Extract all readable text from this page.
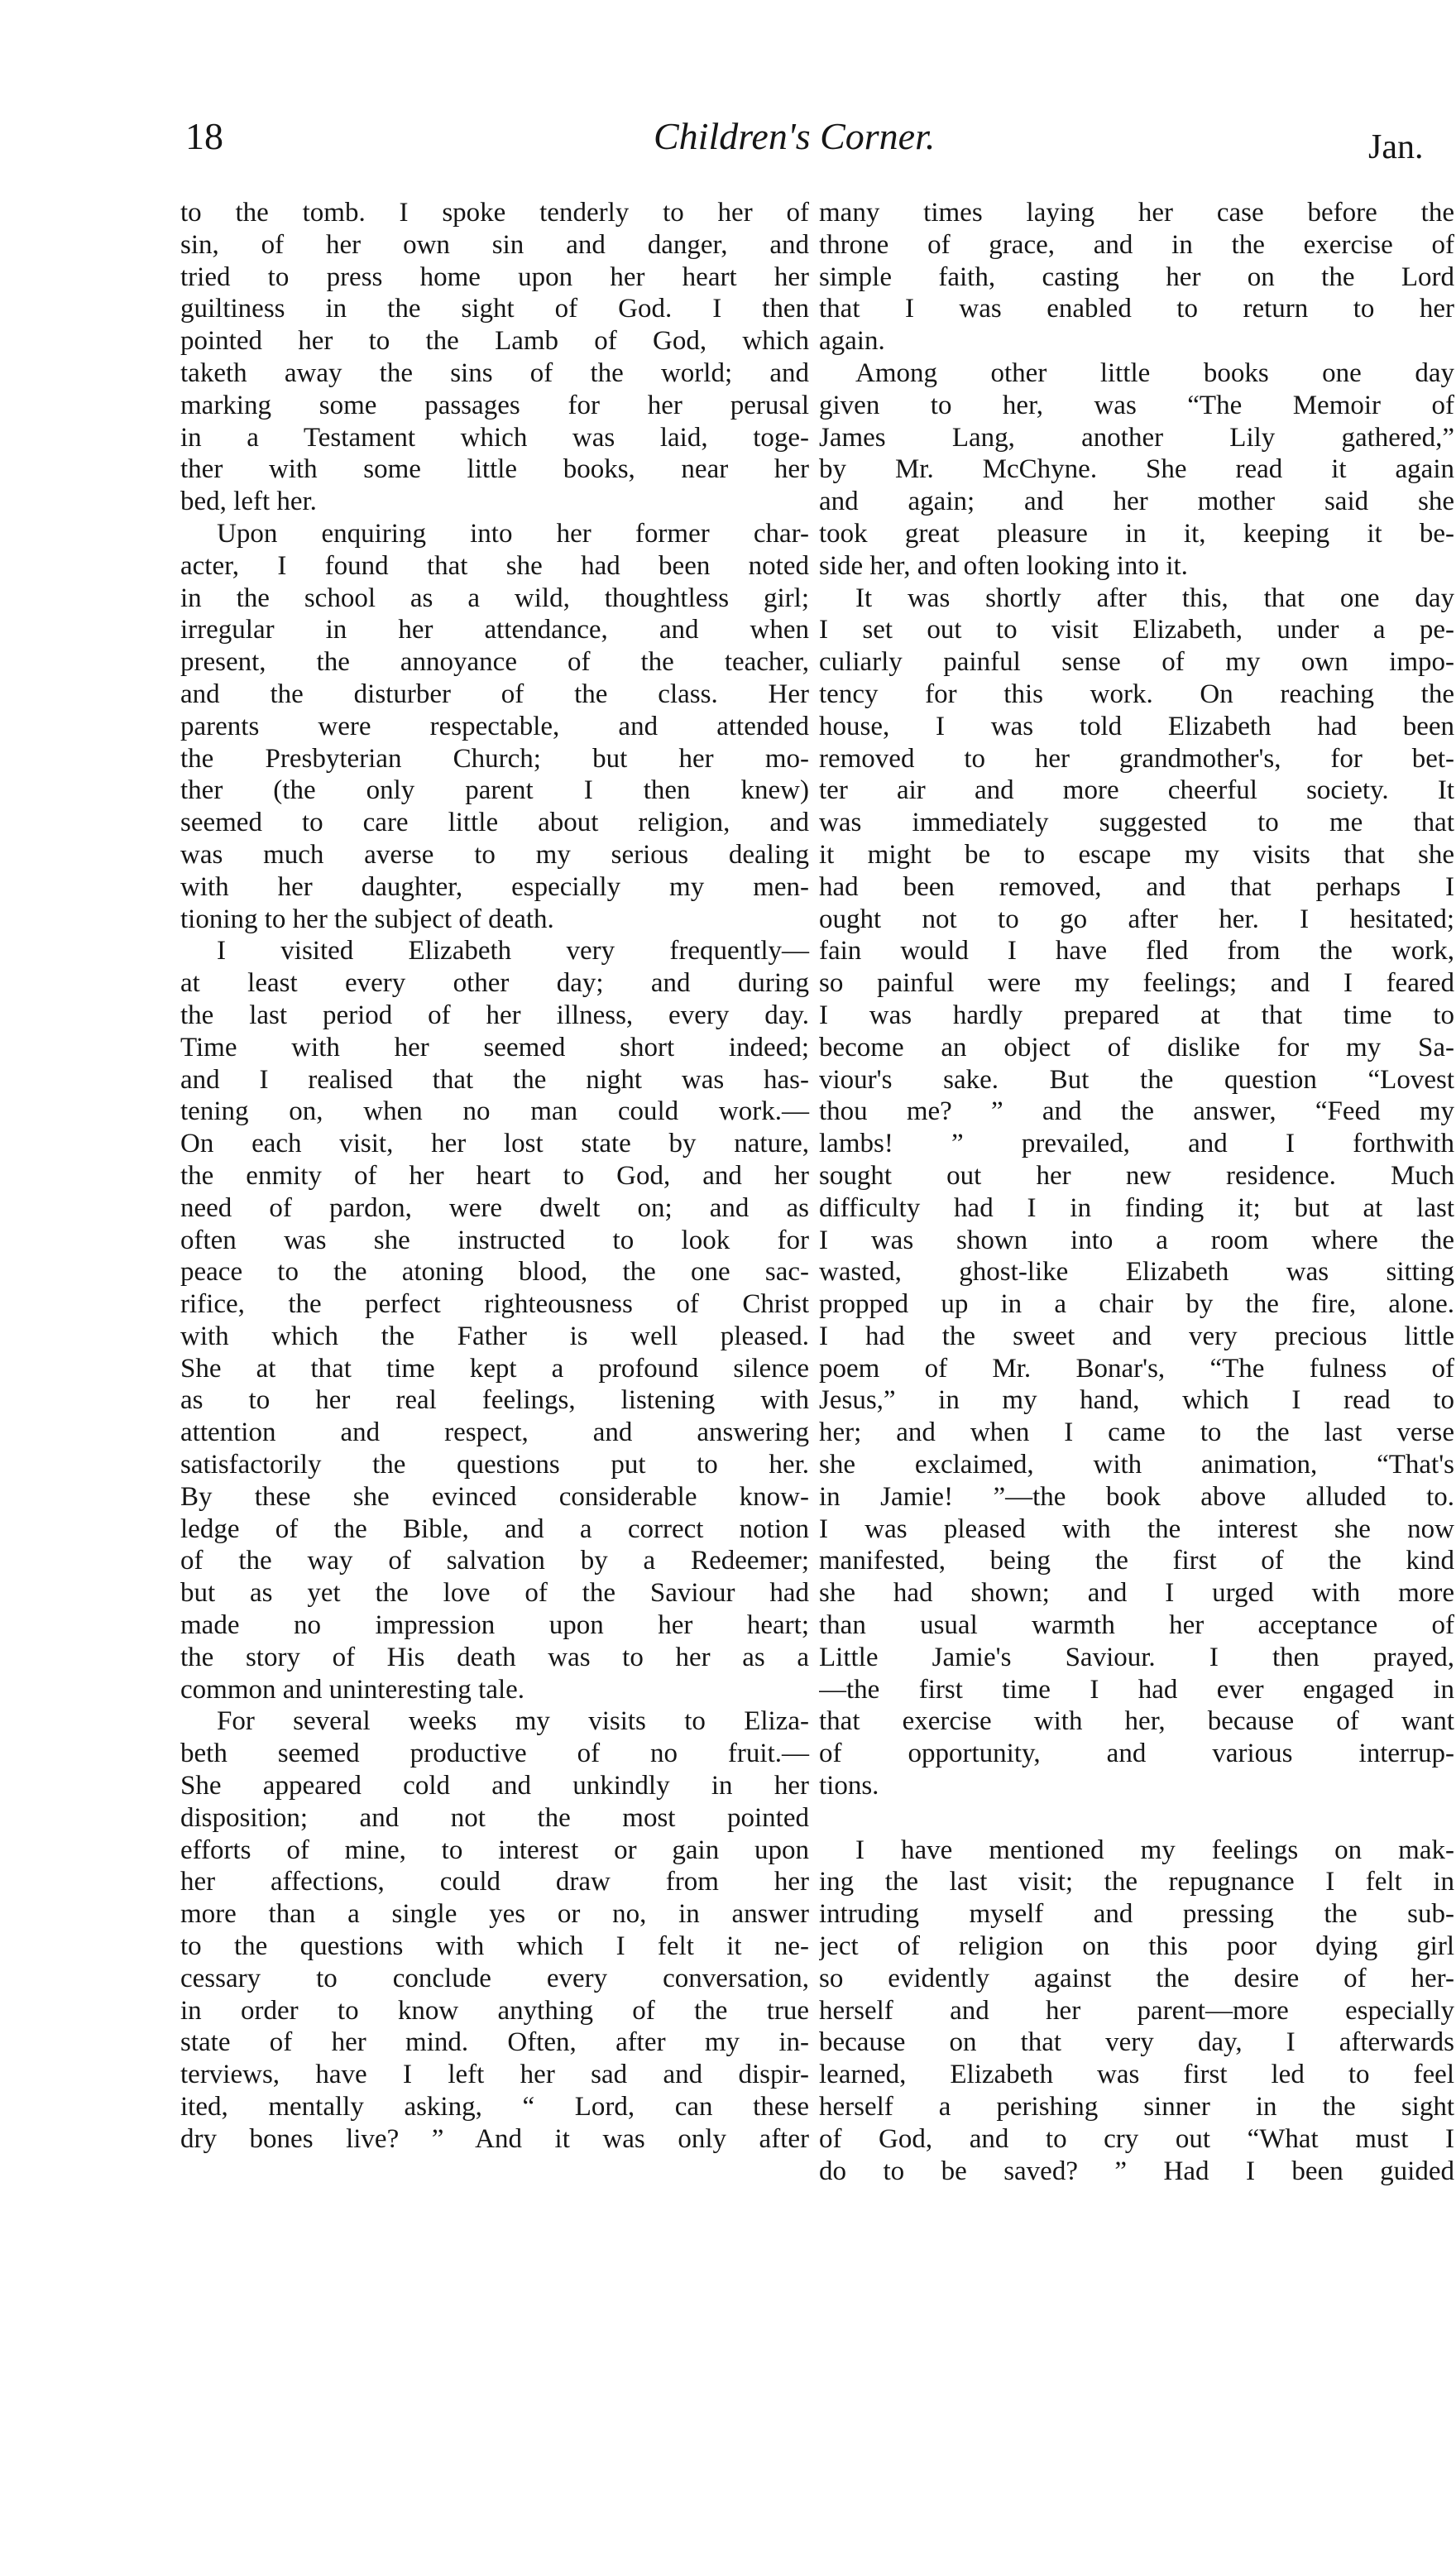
18	Children's Corner.	Jan.
to the tomb. I spoke tenderly to her of
sin, of her own sin and danger, and
tried to press home upon her heart her
guiltiness in the sight of God. I then
pointed her to the Lamb of God, which
taketh away the sins of the world; and
marking some passages for her perusal
in a Testament which was laid, toge-
ther with some little books, near her
bed, left her.
Upon enquiring into her former char-
acter, I found that she had been noted
in the school as a wild, thoughtless girl;
irregular in her attendance, and when
present, the annoyance of the teacher,
and the disturber of the class. Her
parents were respectable, and attended
the Presbyterian Church; but her mo-
ther (the only parent I then knew)
seemed to care little about religion, and
was much averse to my serious dealing
with her daughter, especially my men-
tioning to her the subject of death.
I visited Elizabeth very frequently—
at least every other day; and during
the last period of her illness, every day.
Time with her seemed short indeed;
and I realised that the night was has-
tening on, when no man could work.—
On each visit, her lost state by nature,
the enmity of her heart to God, and her
need of pardon, were dwelt on; and as
often was she instructed to look for
peace to the atoning blood, the one sac-
rifice, the perfect righteousness of Christ
with which the Father is well pleased.
She at that time kept a profound silence
as to her real feelings, listening with
attention and respect, and answering
satisfactorily the questions put to her.
By these she evinced considerable know-
ledge of the Bible, and a correct notion
of the way of salvation by a Redeemer;
but as yet the love of the Saviour had
made no impression upon her heart;
the story of His death was to her as a
common and uninteresting tale.
For several weeks my visits to Eliza-
beth seemed productive of no fruit.—
She appeared cold and unkindly in her
disposition; and not the most pointed
efforts of mine, to interest or gain upon
her affections, could draw from her
more than a single yes or no, in answer
to the questions with which I felt it ne-
cessary to conclude every conversation,
in order to know anything of the true
state of her mind. Often, after my in-
terviews, have I left her sad and dispir-
ited, mentally asking, “ Lord, can these
dry bones live? ” And it was only after
many times laying her case before the
throne of grace, and in the exercise of
simple faith, casting her on the Lord
that I was enabled to return to her
again.
Among other little books one day
given to her, was “The Memoir of
James Lang, another Lily gathered,”
by Mr. McChyne. She read it again
and again; and her mother said she
took great pleasure in it, keeping it be-
side her, and often looking into it.
It was shortly after this, that one day
I set out to visit Elizabeth, under a pe-
culiarly painful sense of my own impo-
tency for this work. On reaching the
house, I was told Elizabeth had been
removed to her grandmother's, for bet-
ter air and more cheerful society. It
was immediately suggested to me that
it might be to escape my visits that she
had been removed, and that perhaps I
ought not to go after her. I hesitated;
fain would I have fled from the work,
so painful were my feelings; and I feared
I was hardly prepared at that time to
become an object of dislike for my Sa-
viour's sake. But the question “Lovest
thou me? ” and the answer, “Feed my
lambs! ” prevailed, and I forthwith
sought out her new residence. Much
difficulty had I in finding it; but at last
I was shown into a room where the
wasted, ghost-like Elizabeth was sitting
propped up in a chair by the fire, alone.
I had the sweet and very precious little
poem of Mr. Bonar's, “The fulness of
Jesus,” in my hand, which I read to
her; and when I came to the last verse
she exclaimed, with animation, “That's
in Jamie! ”—the book above alluded to.
I was pleased with the interest she now
manifested, being the first of the kind
she had shown; and I urged with more
than usual warmth her acceptance of
Little Jamie's Saviour. I then prayed,
—the first time I had ever engaged in
that exercise with her, because of want
of opportunity, and various interrup-
tions.
I have mentioned my feelings on mak-
ing the last visit; the repugnance I felt in
intruding myself and pressing the sub-
ject of religion on this poor dying girl
so evidently against the desire of her-
herself and her parent—more especially
because on that very day, I afterwards
learned, Elizabeth was first led to feel
herself a perishing sinner in the sight
of God, and to cry out “What must I
do to be saved? ” Had I been guided
